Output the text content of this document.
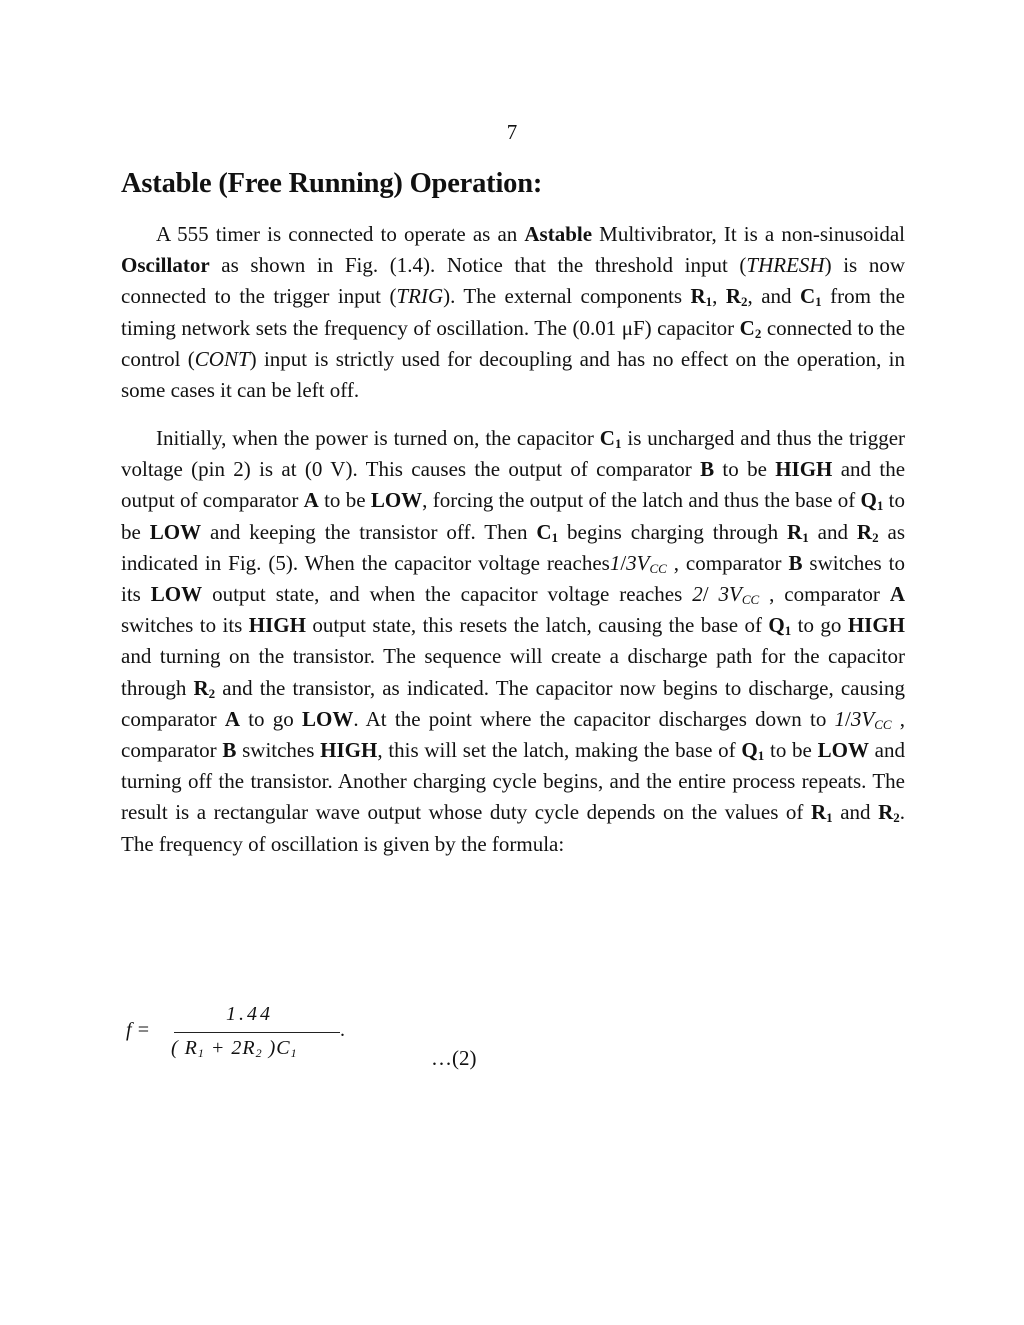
7
Astable (Free Running) Operation:

A 555 timer is connected to operate as an Astable Multivibrator, It is a non-sinusoidal Oscillator as shown in Fig. (1.4). Notice that the threshold input (THRESH) is now connected to the trigger input (TRIG). The external components $R_1$, $R_2$, and $C_1$ from the timing network sets the frequency of oscillation. The (0.01 μF) capacitor $C_2$ connected to the control (CONT) input is strictly used for decoupling and has no effect on the operation, in some cases it can be left off.

Initially, when the power is turned on, the capacitor $C_1$ is uncharged and thus the trigger voltage (pin 2) is at (0 V). This causes the output of comparator B to be HIGH and the output of comparator A to be LOW, forcing the output of the latch and thus the base of $Q_1$ to be LOW and keeping the transistor off. Then $C_1$ begins charging through $R_1$ and $R_2$ as indicated in Fig. (5). When the capacitor voltage $reaches1/3V_{CC}$ , comparator B switches to its LOW output state, and when the capacitor voltage reaches 2/ $3V_{CC}$ , comparator A switches to its HIGH output state, this resets the latch, causing the base of $Q_1$ to go HIGH and turning on the transistor. The sequence will create a discharge path for the capacitor through $R_2$ and the transistor, as indicated. The capacitor now begins to discharge, causing comparator A to go LOW. At the point where the capacitor discharges down to $1/3V_{CC}$ , comparator B switches HIGH, this will set the latch, making the base of $Q_1$ to be LOW and turning off the transistor. Another charging cycle begins, and the entire process repeats. The result is a rectangular wave output whose duty cycle depends on the values of $R_1$ and $R_2$. The frequency of oscillation is given by the formula:

f =
1.44
( $R_1 + 2R_2$ )$C_1$
.
…(2)
